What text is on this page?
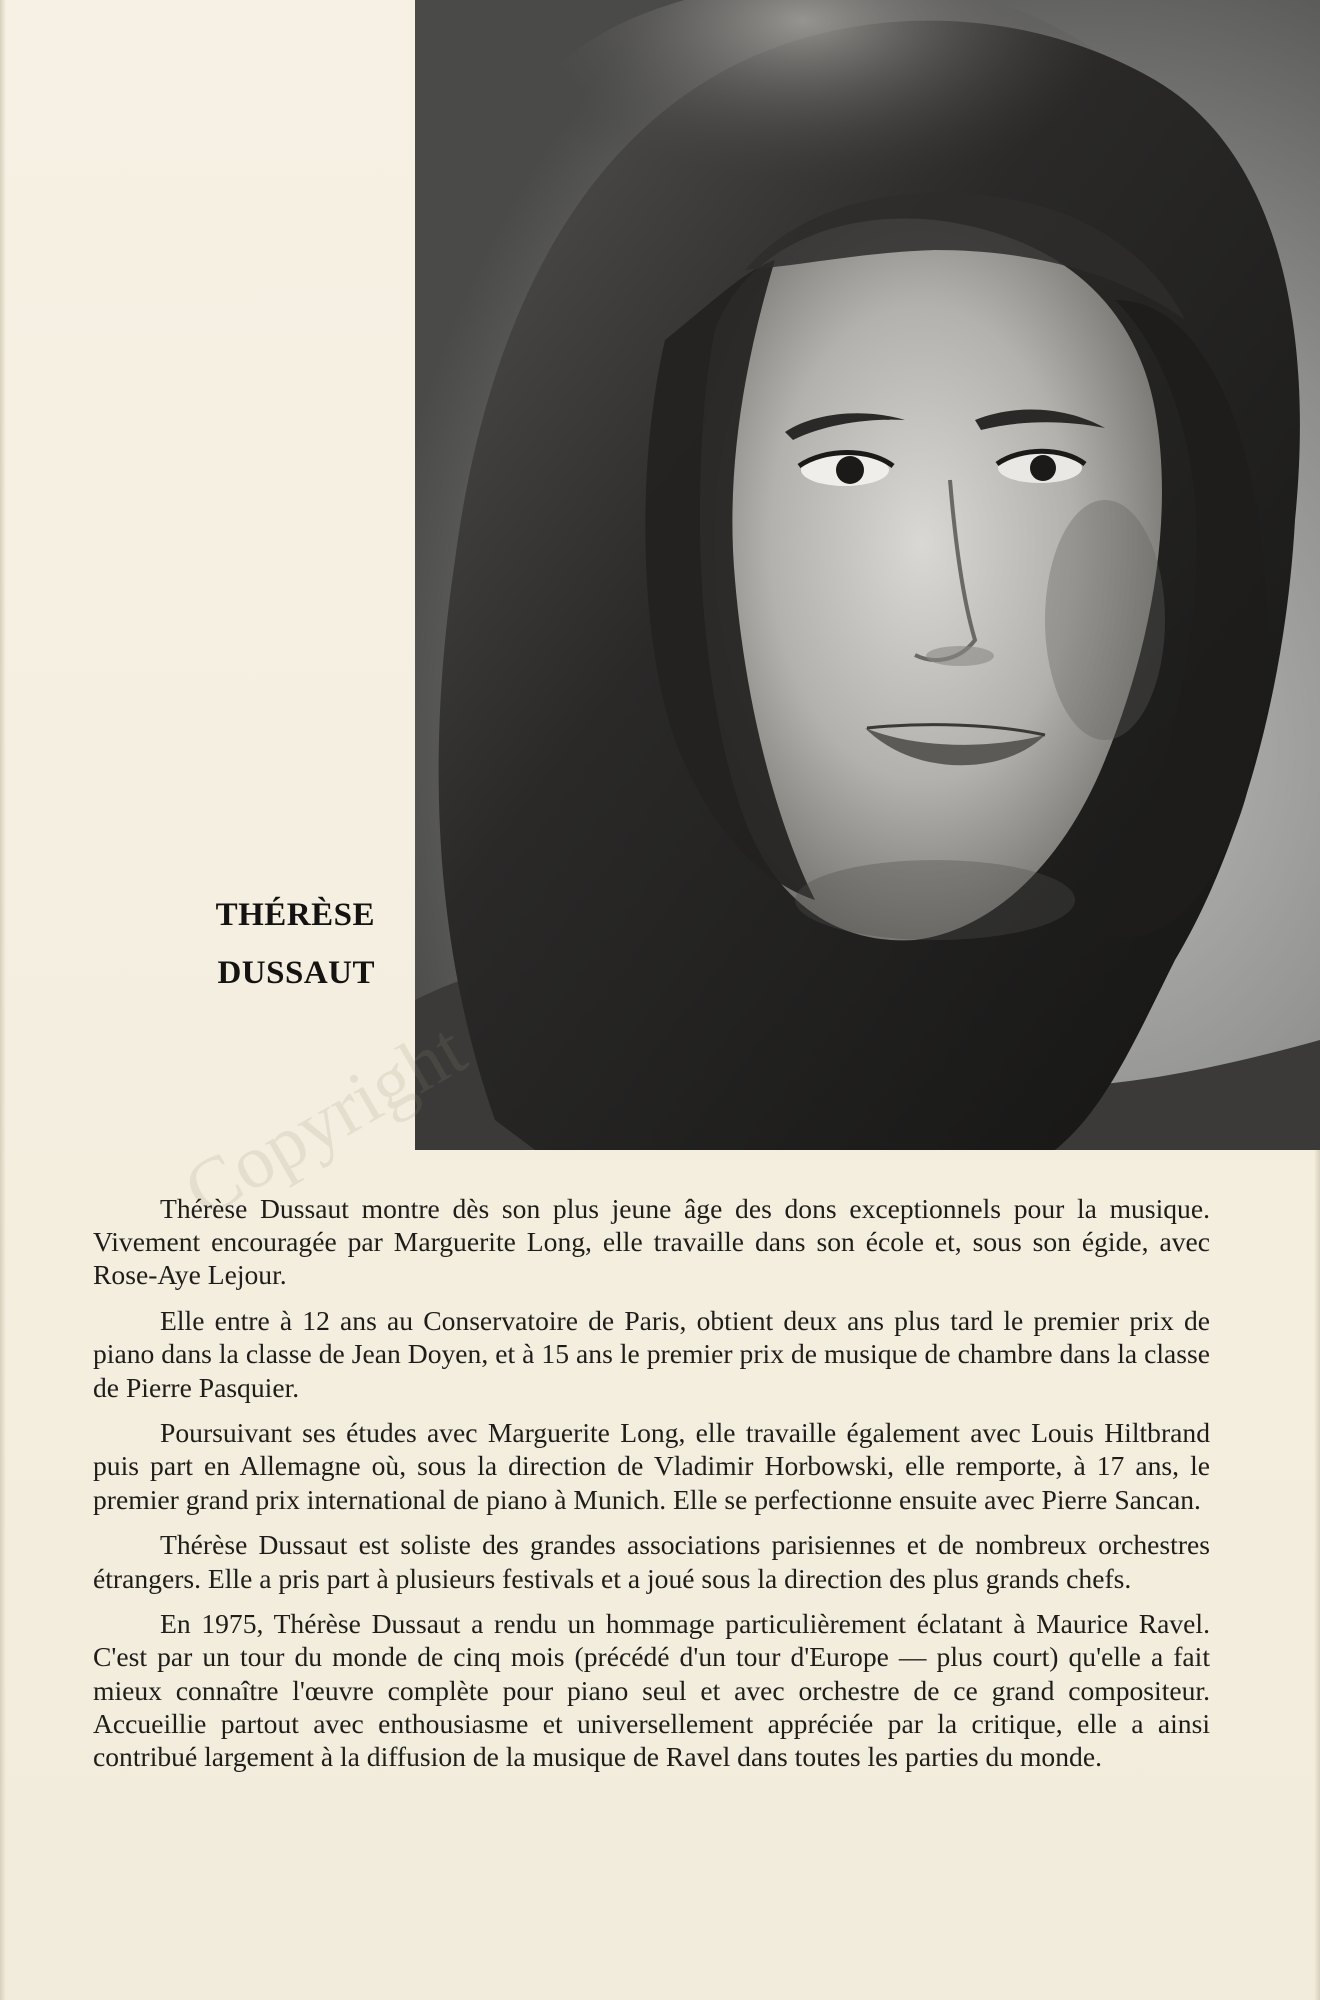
THÉRÈSE
DUSSAUT
Copyright

Thérèse Dussaut montre dès son plus jeune âge des dons exceptionnels pour la musique. Vivement encouragée par Marguerite Long, elle travaille dans son école et, sous son égide, avec Rose-Aye Lejour.

Elle entre à 12 ans au Conservatoire de Paris, obtient deux ans plus tard le premier prix de piano dans la classe de Jean Doyen, et à 15 ans le premier prix de musique de chambre dans la classe de Pierre Pasquier.

Poursuivant ses études avec Marguerite Long, elle travaille également avec Louis Hiltbrand puis part en Allemagne où, sous la direction de Vladimir Horbowski, elle remporte, à 17 ans, le premier grand prix international de piano à Munich. Elle se perfectionne ensuite avec Pierre Sancan.

Thérèse Dussaut est soliste des grandes associations parisiennes et de nombreux orchestres étrangers. Elle a pris part à plusieurs festivals et a joué sous la direction des plus grands chefs.

En 1975, Thérèse Dussaut a rendu un hommage particulièrement éclatant à Maurice Ravel. C'est par un tour du monde de cinq mois (précédé d'un tour d'Europe — plus court) qu'elle a fait mieux connaître l'œuvre complète pour piano seul et avec orchestre de ce grand compositeur. Accueillie partout avec enthousiasme et universellement appréciée par la critique, elle a ainsi contribué largement à la diffusion de la musique de Ravel dans toutes les parties du monde.
